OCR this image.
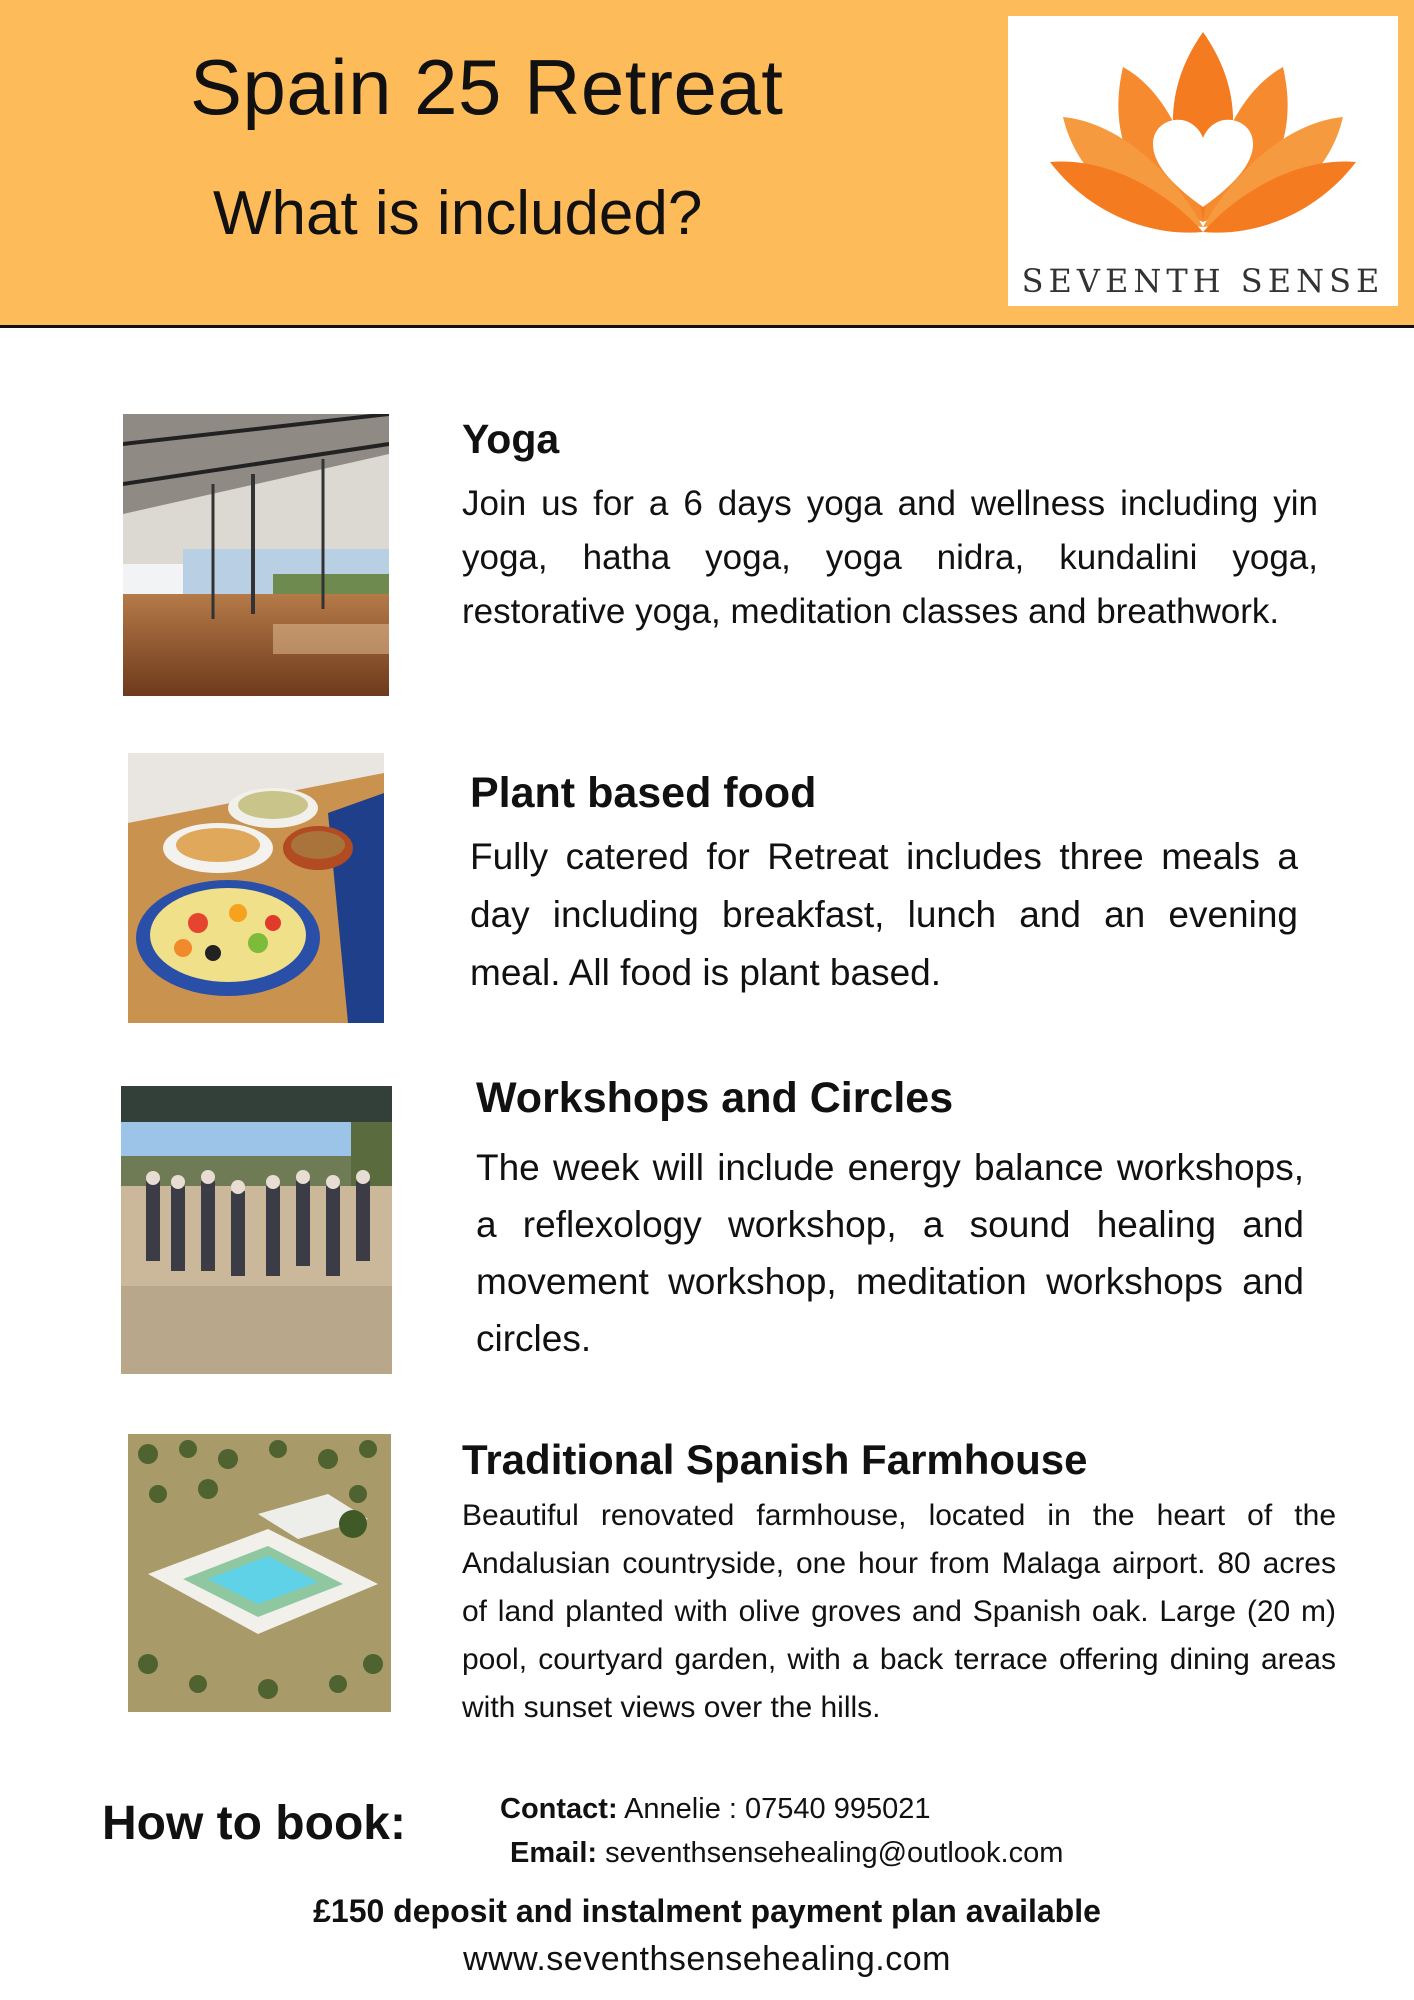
Spain 25 Retreat
What is included?
SEVENTH SENSE
Yoga

Join us for a 6 days yoga and wellness including yin yoga, hatha yoga, yoga nidra, kundalini yoga, restorative yoga, meditation classes and breathwork.

Plant based food

Fully catered for Retreat includes three meals a day including breakfast, lunch and an evening meal. All food is plant based.

Workshops and Circles

The week will include energy balance workshops, a reflexology workshop, a sound healing and movement workshop, meditation workshops and circles.

Traditional Spanish Farmhouse

Beautiful renovated farmhouse, located in the heart of the Andalusian countryside, one hour from Malaga airport. 80 acres of land planted with olive groves and Spanish oak. Large (20 m) pool, courtyard garden, with a back terrace offering dining areas with sunset views over the hills.

How to book:	Contact: Annelie : 07540 995021
Email: seventhsensehealing@outlook.com
£150 deposit and instalment payment plan available
www.seventhsensehealing.com
